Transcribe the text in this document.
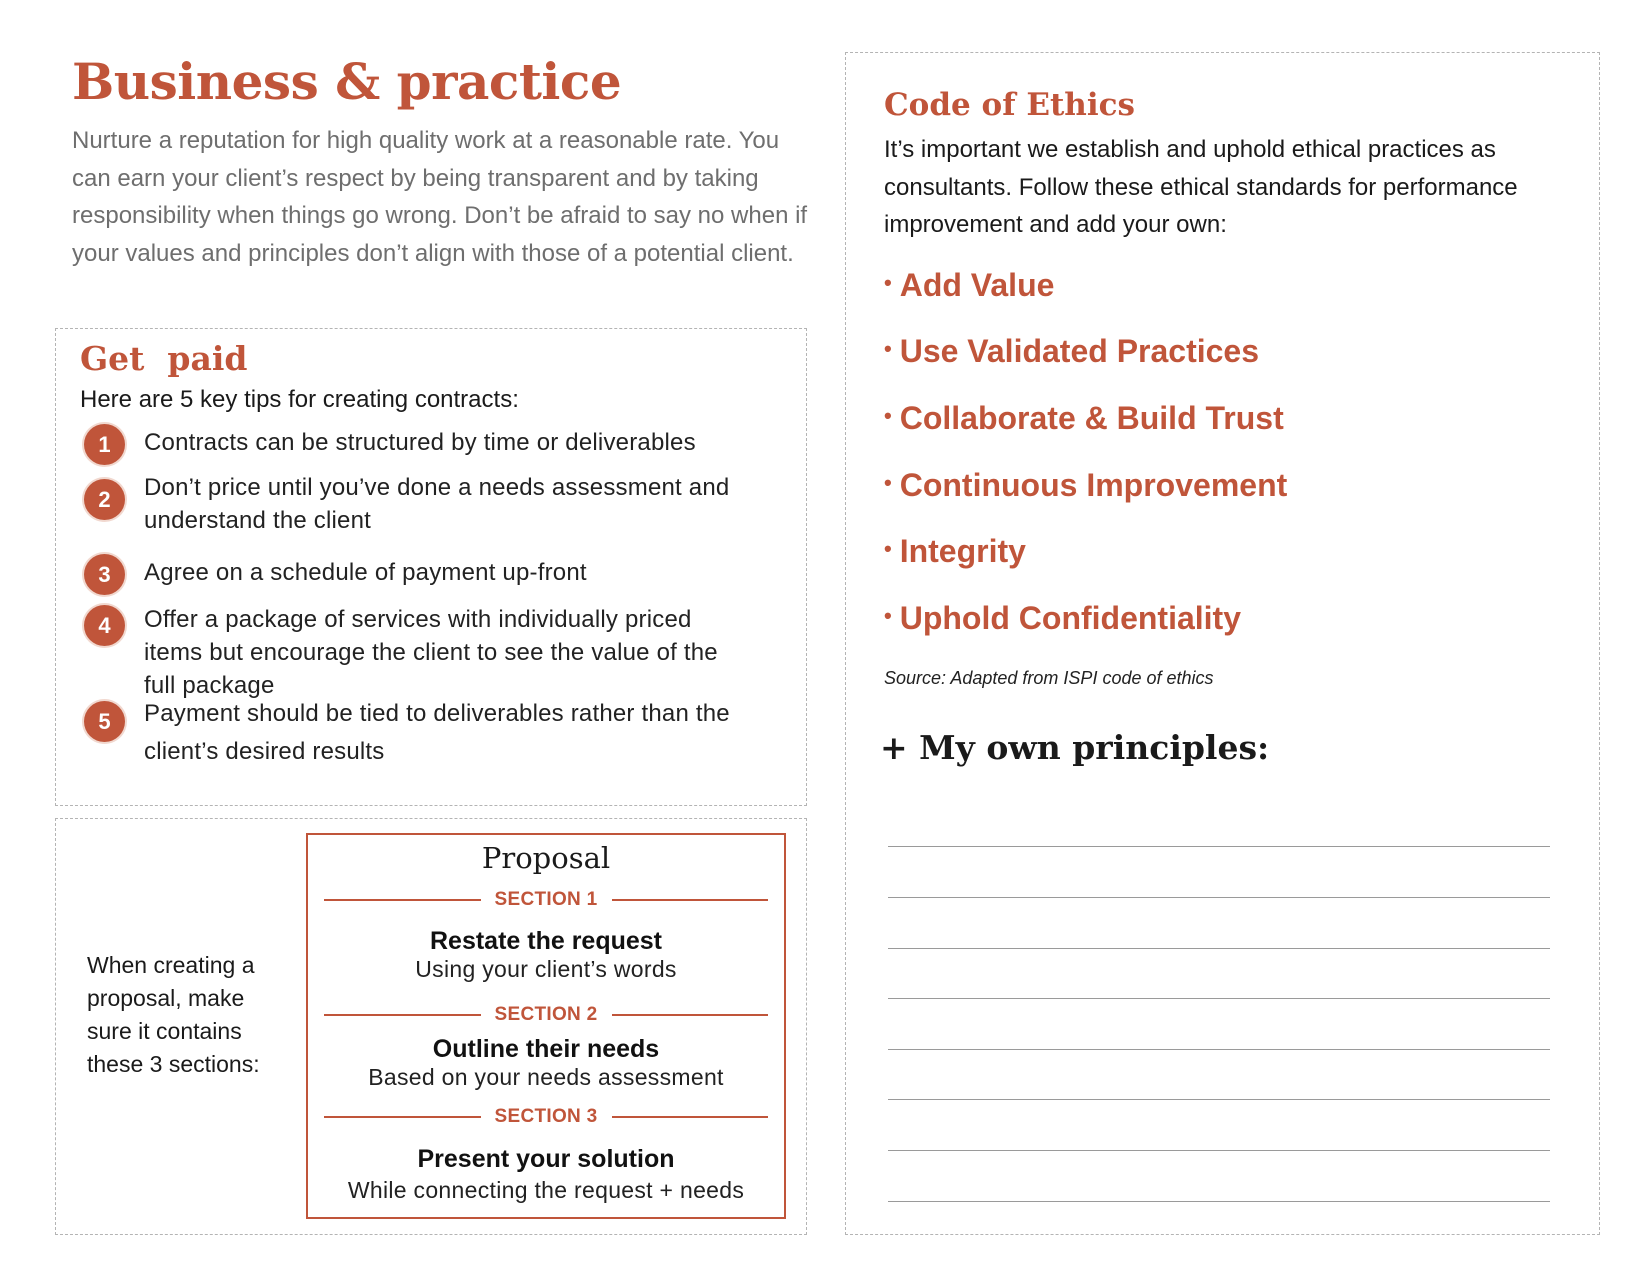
Business & practice

Nurture a reputation for high quality work at a reasonable rate. You can earn your client’s respect by being transparent and by taking responsibility when things go wrong. Don’t be afraid to say no when if your values and principles don’t align with those of a potential client.

Get  paid
Here are 5 key tips for creating contracts:
1	Contracts can be structured by time or deliverables
2	Don’t price until you’ve done a needs assessment and understand the client
3	Agree on a schedule of payment up-front
4	Offer a package of services with individually priced items but encourage the client to see the value of the full package
5	Payment should be tied to deliverables rather than the client’s desired results
When creating a proposal, make sure it contains these 3 sections:
Proposal
SECTION 1
Restate the request
Using your client’s words
SECTION 2
Outline their needs
Based on your needs assessment
SECTION 3
Present your solution
While connecting the request + needs
Code of Ethics
It’s important we establish and uphold ethical practices as consultants. Follow these ethical standards for performance improvement and add your own:
• Add Value
• Use Validated Practices
• Collaborate & Build Trust
• Continuous Improvement
• Integrity
• Uphold Confidentiality
Source: Adapted from ISPI code of ethics
+ My own principles:
